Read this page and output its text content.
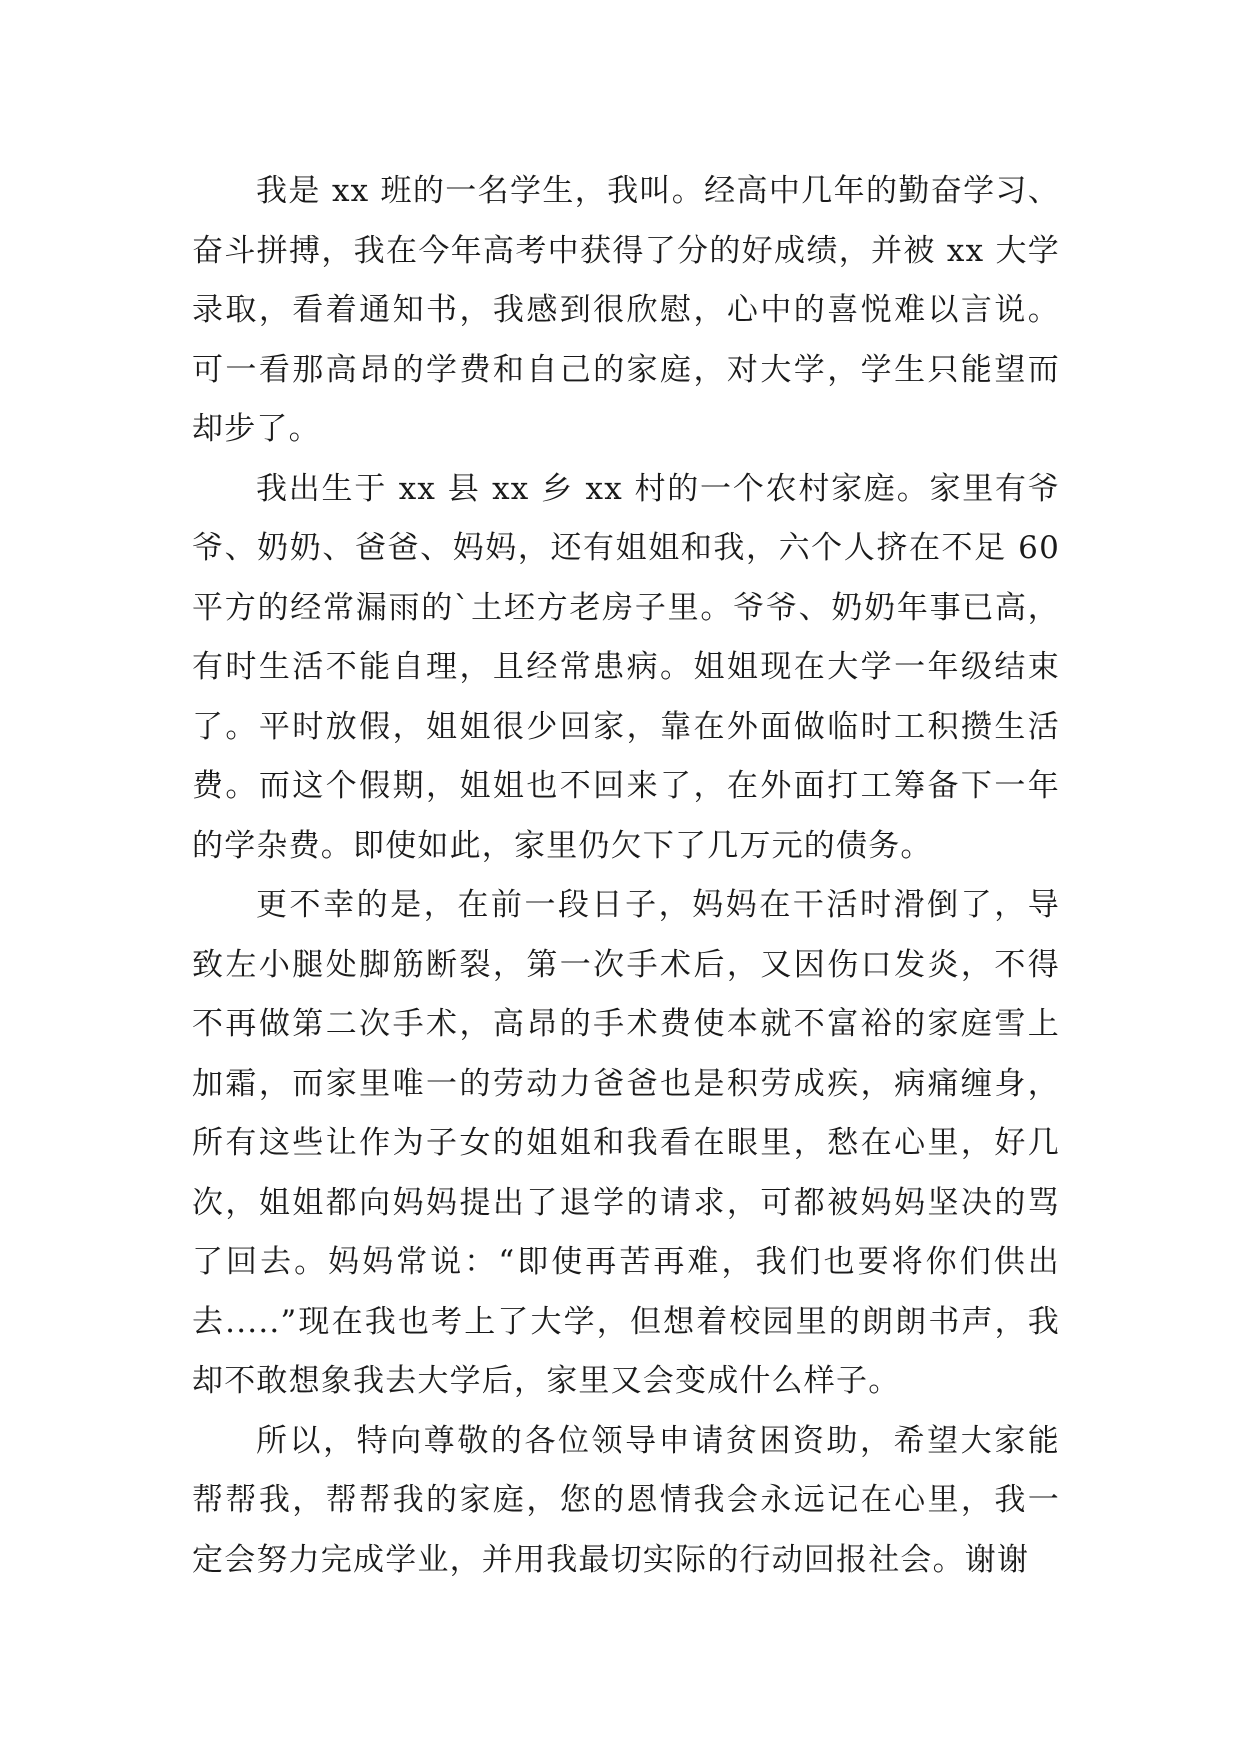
我是 xx 班的一名学生，我叫。经高中几年的勤奋学习、奋斗拼搏，我在今年高考中获得了分的好成绩，并被 xx 大学录取，看着通知书，我感到很欣慰，心中的喜悦难以言说。可一看那高昂的学费和自己的家庭，对大学，学生只能望而却步了。

我出生于 xx 县 xx 乡 xx 村的一个农村家庭。家里有爷爷、奶奶、爸爸、妈妈，还有姐姐和我，六个人挤在不足 60 平方的经常漏雨的`土坯方老房子里。爷爷、奶奶年事已高，有时生活不能自理，且经常患病。姐姐现在大学一年级结束了。平时放假，姐姐很少回家，靠在外面做临时工积攒生活费。而这个假期，姐姐也不回来了，在外面打工筹备下一年的学杂费。即使如此，家里仍欠下了几万元的债务。

更不幸的是，在前一段日子，妈妈在干活时滑倒了，导致左小腿处脚筋断裂，第一次手术后，又因伤口发炎，不得不再做第二次手术，高昂的手术费使本就不富裕的家庭雪上加霜，而家里唯一的劳动力爸爸也是积劳成疾，病痛缠身，所有这些让作为子女的姐姐和我看在眼里，愁在心里，好几次，姐姐都向妈妈提出了退学的请求，可都被妈妈坚决的骂了回去。妈妈常说：“即使再苦再难，我们也要将你们供出去.....”现在我也考上了大学，但想着校园里的朗朗书声，我却不敢想象我去大学后，家里又会变成什么样子。

所以，特向尊敬的各位领导申请贫困资助，希望大家能帮帮我，帮帮我的家庭，您的恩情我会永远记在心里，我一定会努力完成学业，并用我最切实际的行动回报社会。谢谢
